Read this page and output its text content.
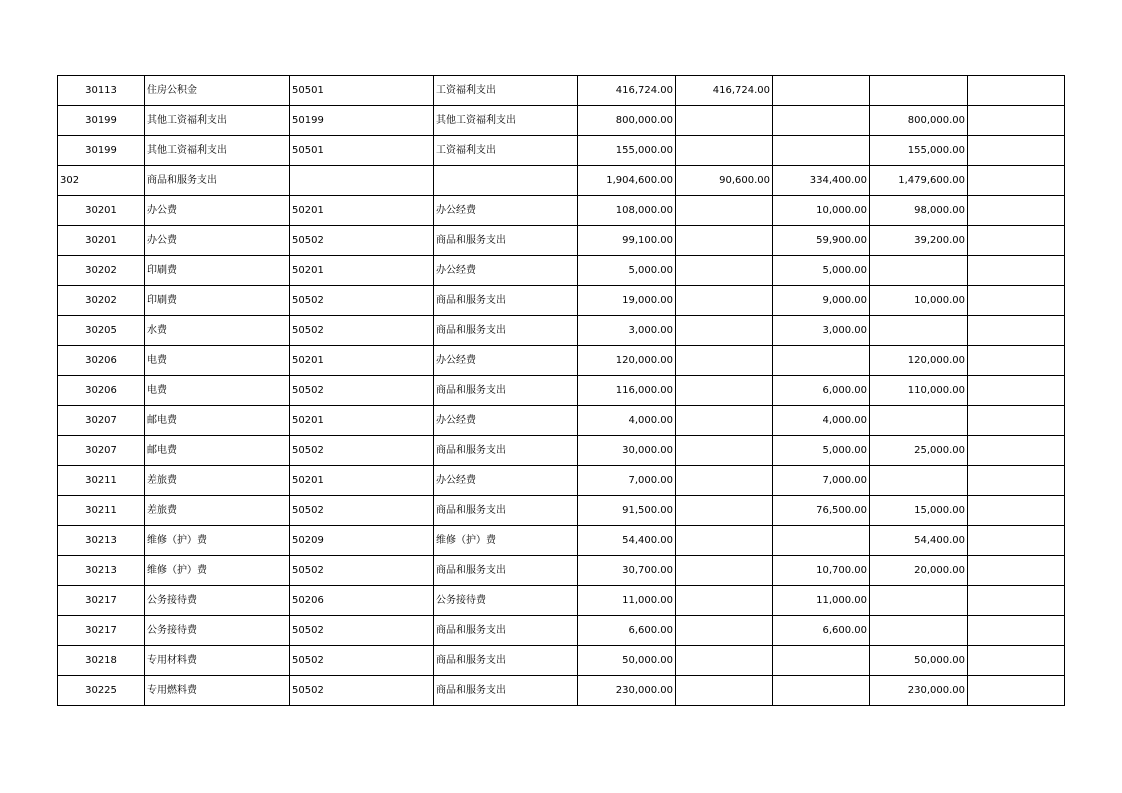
30113	住房公积金	50501	工资福利支出	416,724.00	416,724.00			
30199	其他工资福利支出	50199	其他工资福利支出	800,000.00			800,000.00	
30199	其他工资福利支出	50501	工资福利支出	155,000.00			155,000.00	
302	商品和服务支出			1,904,600.00	90,600.00	334,400.00	1,479,600.00	
30201	办公费	50201	办公经费	108,000.00		10,000.00	98,000.00	
30201	办公费	50502	商品和服务支出	99,100.00		59,900.00	39,200.00	
30202	印刷费	50201	办公经费	5,000.00		5,000.00		
30202	印刷费	50502	商品和服务支出	19,000.00		9,000.00	10,000.00	
30205	水费	50502	商品和服务支出	3,000.00		3,000.00		
30206	电费	50201	办公经费	120,000.00			120,000.00	
30206	电费	50502	商品和服务支出	116,000.00		6,000.00	110,000.00	
30207	邮电费	50201	办公经费	4,000.00		4,000.00		
30207	邮电费	50502	商品和服务支出	30,000.00		5,000.00	25,000.00	
30211	差旅费	50201	办公经费	7,000.00		7,000.00		
30211	差旅费	50502	商品和服务支出	91,500.00		76,500.00	15,000.00	
30213	维修（护）费	50209	维修（护）费	54,400.00			54,400.00	
30213	维修（护）费	50502	商品和服务支出	30,700.00		10,700.00	20,000.00	
30217	公务接待费	50206	公务接待费	11,000.00		11,000.00		
30217	公务接待费	50502	商品和服务支出	6,600.00		6,600.00		
30218	专用材料费	50502	商品和服务支出	50,000.00			50,000.00	
30225	专用燃料费	50502	商品和服务支出	230,000.00			230,000.00	
